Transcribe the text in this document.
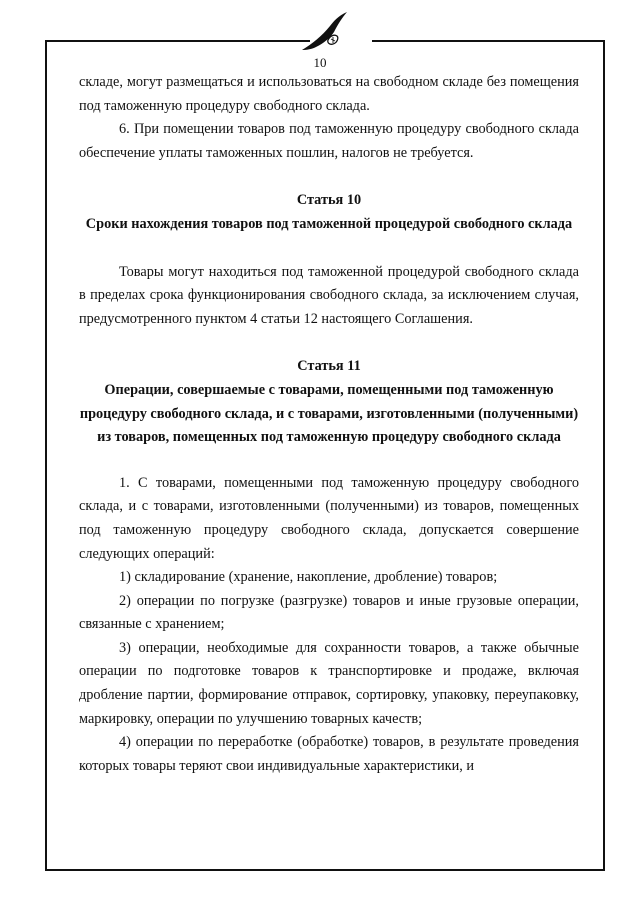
10

складе, могут размещаться и использоваться на свободном складе без помещения под таможенную процедуру свободного склада.

6. При помещении товаров под таможенную процедуру свободного склада обеспечение уплаты таможенных пошлин, налогов не требуется.

Статья 10

Сроки нахождения товаров под таможенной процедурой свободного склада

Товары могут находиться под таможенной процедурой свободного склада в пределах срока функционирования свободного склада, за исключением случая, предусмотренного пунктом 4 статьи 12 настоящего Соглашения.

Статья 11

Операции, совершаемые с товарами, помещенными под таможенную процедуру свободного склада, и с товарами, изготовленными (полученными) из товаров, помещенных под таможенную процедуру свободного склада

1. С товарами, помещенными под таможенную процедуру свободного склада, и с товарами, изготовленными (полученными) из товаров, помещенных под таможенную процедуру свободного склада, допускается совершение следующих операций:

1) складирование (хранение, накопление, дробление) товаров;

2) операции по погрузке (разгрузке) товаров и иные грузовые операции, связанные с хранением;

3) операции, необходимые для сохранности товаров, а также обычные операции по подготовке товаров к транспортировке и продаже, включая дробление партии, формирование отправок, сортировку, упаковку, переупаковку, маркировку, операции по улучшению товарных качеств;

4) операции по переработке (обработке) товаров, в результате проведения которых товары теряют свои индивидуальные характеристики, и
